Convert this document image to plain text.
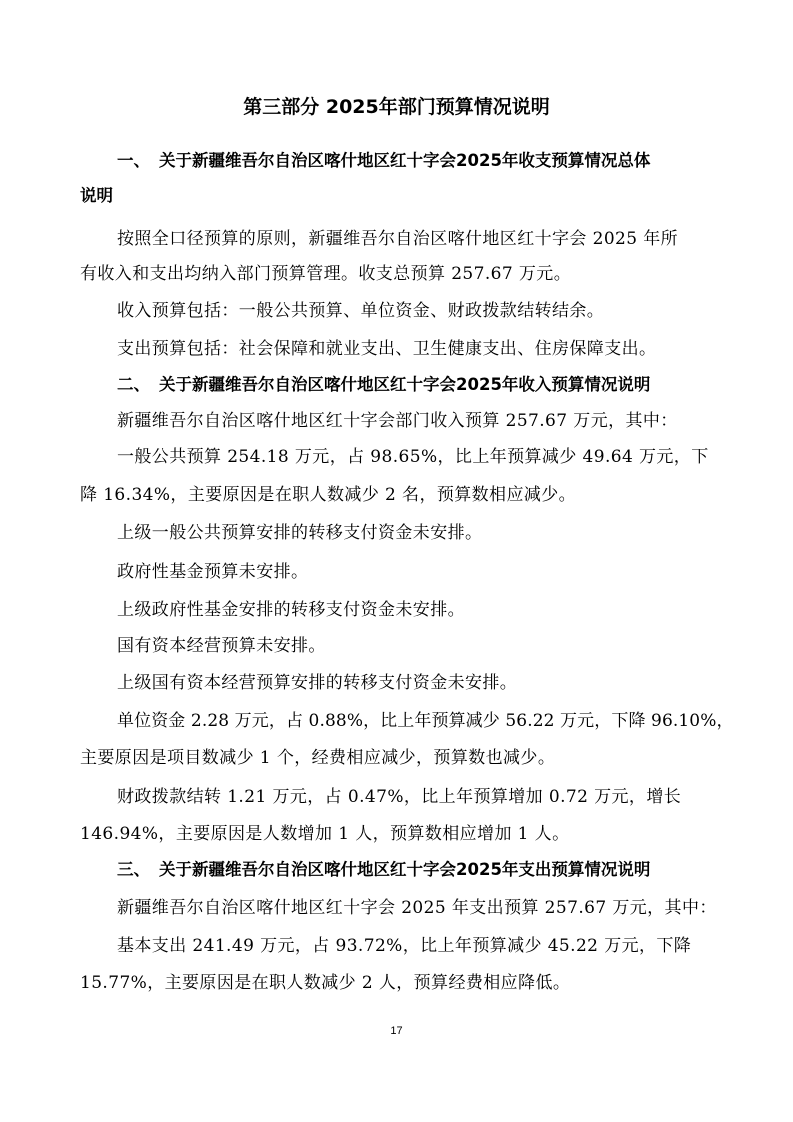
第三部分 2025年部门预算情况说明
一、 关于新疆维吾尔自治区喀什地区红十字会2025年收支预算情况总体
说明
按照全口径预算的原则，新疆维吾尔自治区喀什地区红十字会 2025 年所
有收入和支出均纳入部门预算管理。收支总预算 257.67 万元。
收入预算包括：一般公共预算、单位资金、财政拨款结转结余。
支出预算包括：社会保障和就业支出、卫生健康支出、住房保障支出。
二、 关于新疆维吾尔自治区喀什地区红十字会2025年收入预算情况说明
新疆维吾尔自治区喀什地区红十字会部门收入预算 257.67 万元，其中：
一般公共预算 254.18 万元，占 98.65%，比上年预算减少 49.64 万元，下
降 16.34%，主要原因是在职人数减少 2 名，预算数相应减少。
上级一般公共预算安排的转移支付资金未安排。
政府性基金预算未安排。
上级政府性基金安排的转移支付资金未安排。
国有资本经营预算未安排。
上级国有资本经营预算安排的转移支付资金未安排。
单位资金 2.28 万元，占 0.88%，比上年预算减少 56.22 万元，下降 96.10%，
主要原因是项目数减少 1 个，经费相应减少，预算数也减少。
财政拨款结转 1.21 万元，占 0.47%，比上年预算增加 0.72 万元，增长
146.94%，主要原因是人数增加 1 人，预算数相应增加 1 人。
三、 关于新疆维吾尔自治区喀什地区红十字会2025年支出预算情况说明
新疆维吾尔自治区喀什地区红十字会 2025 年支出预算 257.67 万元，其中：
基本支出 241.49 万元，占 93.72%，比上年预算减少 45.22 万元，下降
15.77%，主要原因是在职人数减少 2 人，预算经费相应降低。
17
